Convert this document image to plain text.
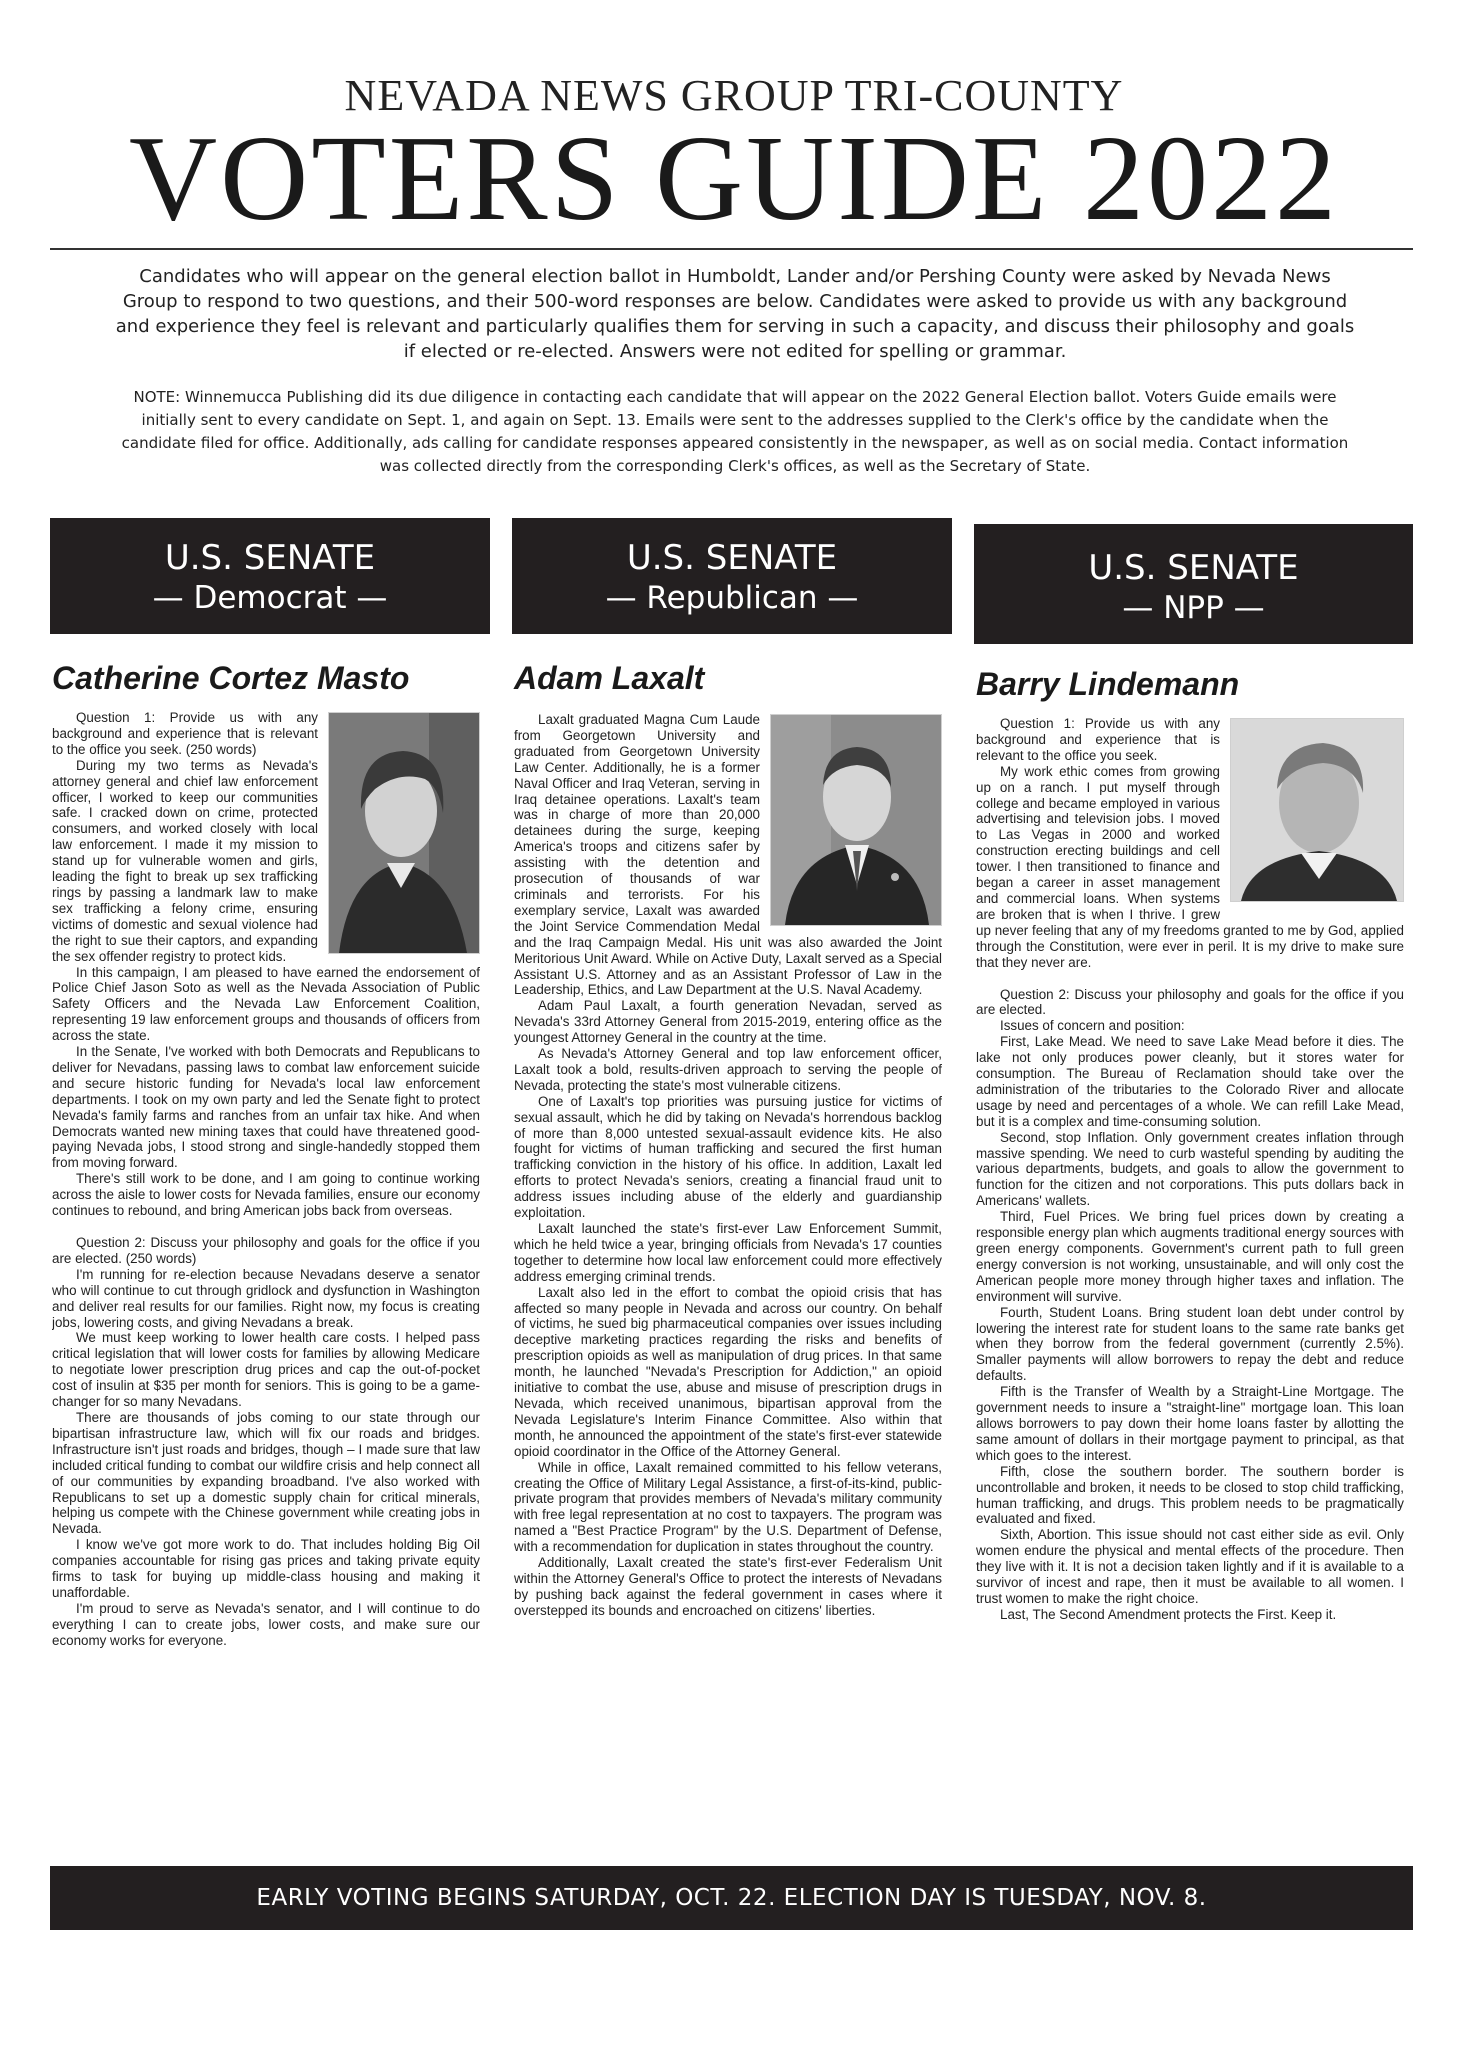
NEVADA NEWS GROUP TRI-COUNTY
VOTERS GUIDE 2022
Candidates who will appear on the general election ballot in Humboldt, Lander and/or Pershing County were asked by Nevada News Group to respond to two questions, and their 500-word responses are below. Candidates were asked to provide us with any background and experience they feel is relevant and particularly qualifies them for serving in such a capacity, and discuss their philosophy and goals if elected or re-elected. Answers were not edited for spelling or grammar.
NOTE: Winnemucca Publishing did its due diligence in contacting each candidate that will appear on the 2022 General Election ballot. Voters Guide emails were initially sent to every candidate on Sept. 1, and again on Sept. 13. Emails were sent to the addresses supplied to the Clerk's office by the candidate when the candidate filed for office. Additionally, ads calling for candidate responses appeared consistently in the newspaper, as well as on social media. Contact information was collected directly from the corresponding Clerk's offices, as well as the Secretary of State.
U.S. SENATE
— Democrat —
U.S. SENATE
— Republican —
U.S. SENATE
— NPP —
Catherine Cortez Masto	Adam Laxalt	Barry Lindemann

Question 1: Provide us with any background and experience that is relevant to the office you seek. (250 words)

During my two terms as Nevada's attorney general and chief law enforcement officer, I worked to keep our communities safe. I cracked down on crime, protected consumers, and worked closely with local law enforcement. I made it my mission to stand up for vulnerable women and girls, leading the fight to break up sex trafficking rings by passing a landmark law to make sex trafficking a felony crime, ensuring victims of domestic and sexual violence had the right to sue their captors, and expanding the sex offender registry to protect kids.

In this campaign, I am pleased to have earned the endorsement of Police Chief Jason Soto as well as the Nevada Association of Public Safety Officers and the Nevada Law Enforcement Coalition, representing 19 law enforcement groups and thousands of officers from across the state.

In the Senate, I've worked with both Democrats and Republicans to deliver for Nevadans, passing laws to combat law enforcement suicide and secure historic funding for Nevada's local law enforcement departments. I took on my own party and led the Senate fight to protect Nevada's family farms and ranches from an unfair tax hike. And when Democrats wanted new mining taxes that could have threatened good-paying Nevada jobs, I stood strong and single-handedly stopped them from moving forward.

There's still work to be done, and I am going to continue working across the aisle to lower costs for Nevada families, ensure our economy continues to rebound, and bring American jobs back from overseas.

Question 2: Discuss your philosophy and goals for the office if you are elected. (250 words)

I'm running for re-election because Nevadans deserve a senator who will continue to cut through gridlock and dysfunction in Washington and deliver real results for our families. Right now, my focus is creating jobs, lowering costs, and giving Nevadans a break.

We must keep working to lower health care costs. I helped pass critical legislation that will lower costs for families by allowing Medicare to negotiate lower prescription drug prices and cap the out-of-pocket cost of insulin at $35 per month for seniors. This is going to be a game-changer for so many Nevadans.

There are thousands of jobs coming to our state through our bipartisan infrastructure law, which will fix our roads and bridges. Infrastructure isn't just roads and bridges, though – I made sure that law included critical funding to combat our wildfire crisis and help connect all of our communities by expanding broadband. I've also worked with Republicans to set up a domestic supply chain for critical minerals, helping us compete with the Chinese government while creating jobs in Nevada.

I know we've got more work to do. That includes holding Big Oil companies accountable for rising gas prices and taking private equity firms to task for buying up middle-class housing and making it unaffordable.

I'm proud to serve as Nevada's senator, and I will continue to do everything I can to create jobs, lower costs, and make sure our economy works for everyone.

Laxalt graduated Magna Cum Laude from Georgetown University and graduated from Georgetown University Law Center. Additionally, he is a former Naval Officer and Iraq Veteran, serving in Iraq detainee operations. Laxalt's team was in charge of more than 20,000 detainees during the surge, keeping America's troops and citizens safer by assisting with the detention and prosecution of thousands of war criminals and terrorists. For his exemplary service, Laxalt was awarded the Joint Service Commendation Medal and the Iraq Campaign Medal. His unit was also awarded the Joint Meritorious Unit Award. While on Active Duty, Laxalt served as a Special Assistant U.S. Attorney and as an Assistant Professor of Law in the Leadership, Ethics, and Law Department at the U.S. Naval Academy.

Adam Paul Laxalt, a fourth generation Nevadan, served as Nevada's 33rd Attorney General from 2015-2019, entering office as the youngest Attorney General in the country at the time.

As Nevada's Attorney General and top law enforcement officer, Laxalt took a bold, results-driven approach to serving the people of Nevada, protecting the state's most vulnerable citizens.

One of Laxalt's top priorities was pursuing justice for victims of sexual assault, which he did by taking on Nevada's horrendous backlog of more than 8,000 untested sexual-assault evidence kits. He also fought for victims of human trafficking and secured the first human trafficking conviction in the history of his office. In addition, Laxalt led efforts to protect Nevada's seniors, creating a financial fraud unit to address issues including abuse of the elderly and guardianship exploitation.

Laxalt launched the state's first-ever Law Enforcement Summit, which he held twice a year, bringing officials from Nevada's 17 counties together to determine how local law enforcement could more effectively address emerging criminal trends.

Laxalt also led in the effort to combat the opioid crisis that has affected so many people in Nevada and across our country. On behalf of victims, he sued big pharmaceutical companies over issues including deceptive marketing practices regarding the risks and benefits of prescription opioids as well as manipulation of drug prices. In that same month, he launched "Nevada's Prescription for Addiction," an opioid initiative to combat the use, abuse and misuse of prescription drugs in Nevada, which received unanimous, bipartisan approval from the Nevada Legislature's Interim Finance Committee. Also within that month, he announced the appointment of the state's first-ever statewide opioid coordinator in the Office of the Attorney General.

While in office, Laxalt remained committed to his fellow veterans, creating the Office of Military Legal Assistance, a first-of-its-kind, public-private program that provides members of Nevada's military community with free legal representation at no cost to taxpayers. The program was named a "Best Practice Program" by the U.S. Department of Defense, with a recommendation for duplication in states throughout the country.

Additionally, Laxalt created the state's first-ever Federalism Unit within the Attorney General's Office to protect the interests of Nevadans by pushing back against the federal government in cases where it overstepped its bounds and encroached on citizens' liberties.

Question 1: Provide us with any background and experience that is relevant to the office you seek.

My work ethic comes from growing up on a ranch. I put myself through college and became employed in various advertising and television jobs. I moved to Las Vegas in 2000 and worked construction erecting buildings and cell tower. I then transitioned to finance and began a career in asset management and commercial loans. When systems are broken that is when I thrive. I grew up never feeling that any of my freedoms granted to me by God, applied through the Constitution, were ever in peril. It is my drive to make sure that they never are.

Question 2: Discuss your philosophy and goals for the office if you are elected.

Issues of concern and position:

First, Lake Mead. We need to save Lake Mead before it dies. The lake not only produces power cleanly, but it stores water for consumption. The Bureau of Reclamation should take over the administration of the tributaries to the Colorado River and allocate usage by need and percentages of a whole. We can refill Lake Mead, but it is a complex and time-consuming solution.

Second, stop Inflation. Only government creates inflation through massive spending. We need to curb wasteful spending by auditing the various departments, budgets, and goals to allow the government to function for the citizen and not corporations. This puts dollars back in Americans' wallets.

Third, Fuel Prices. We bring fuel prices down by creating a responsible energy plan which augments traditional energy sources with green energy components. Government's current path to full green energy conversion is not working, unsustainable, and will only cost the American people more money through higher taxes and inflation. The environment will survive.

Fourth, Student Loans. Bring student loan debt under control by lowering the interest rate for student loans to the same rate banks get when they borrow from the federal government (currently 2.5%). Smaller payments will allow borrowers to repay the debt and reduce defaults.

Fifth is the Transfer of Wealth by a Straight-Line Mortgage. The government needs to insure a "straight-line" mortgage loan. This loan allows borrowers to pay down their home loans faster by allotting the same amount of dollars in their mortgage payment to principal, as that which goes to the interest.

Fifth, close the southern border. The southern border is uncontrollable and broken, it needs to be closed to stop child trafficking, human trafficking, and drugs. This problem needs to be pragmatically evaluated and fixed.

Sixth, Abortion. This issue should not cast either side as evil. Only women endure the physical and mental effects of the procedure. Then they live with it. It is not a decision taken lightly and if it is available to a survivor of incest and rape, then it must be available to all women. I trust women to make the right choice.

Last, The Second Amendment protects the First. Keep it.

EARLY VOTING BEGINS SATURDAY, OCT. 22. ELECTION DAY IS TUESDAY, NOV. 8.
